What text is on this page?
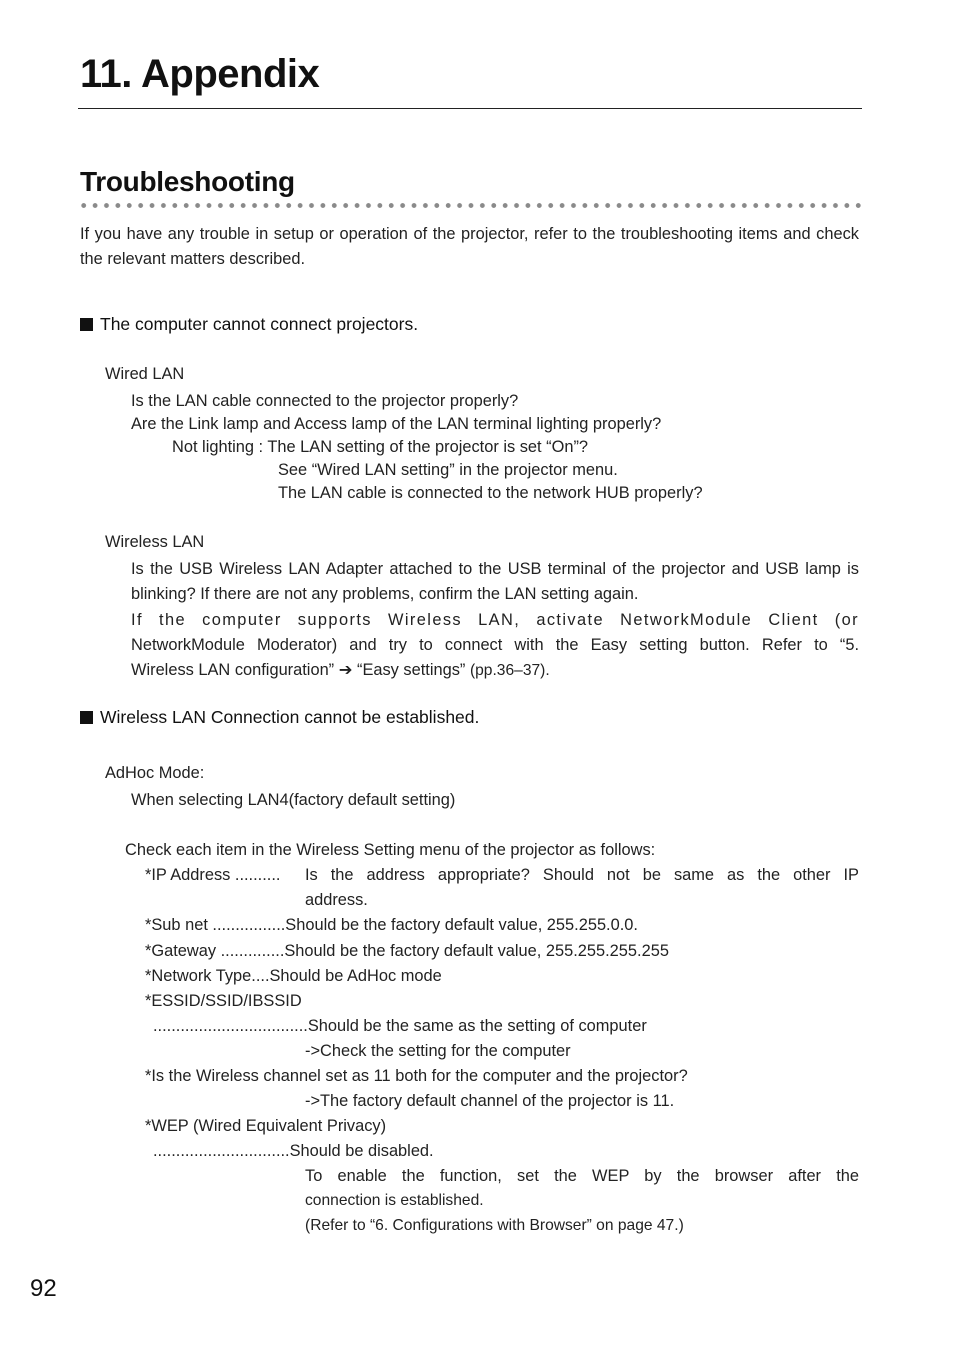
11. Appendix
Troubleshooting
If you have any trouble in setup or operation of the projector, refer to the troubleshooting items and check the relevant matters described.
The computer cannot connect projectors.
Wired LAN
Is the LAN cable connected to the projector properly?
Are the Link lamp and Access lamp of the LAN terminal lighting properly?
Not lighting : The LAN setting of the projector is set “On”?
See “Wired LAN setting” in the projector menu.
The LAN cable is connected to the network HUB properly?
Wireless LAN
Is the USB Wireless LAN Adapter attached to the USB terminal of the projector and USB lamp is blinking? If there are not any problems, confirm the LAN setting again.
If the computer supports Wireless LAN, activate NetworkModule Client (or
NetworkModule Moderator) and try to connect with the Easy setting button. Refer to “5.
Wireless LAN configuration” ➔ “Easy settings” (pp.36–37).
Wireless LAN Connection cannot be established.
AdHoc Mode:
When selecting LAN4(factory default setting)
Check each item in the Wireless Setting menu of the projector as follows:
*IP Address .......... Is the address appropriate? Should not be same as the other IP
address.
*Sub net ................Should be the factory default value, 255.255.0.0.
*Gateway ..............Should be the factory default value, 255.255.255.255
*Network Type....Should be AdHoc mode
*ESSID/SSID/IBSSID
..................................Should be the same as the setting of computer
->Check the setting for the computer
*Is the Wireless channel set as 11 both for the computer and the projector?
->The factory default channel of the projector is 11.
*WEP (Wired Equivalent Privacy)
..............................Should be disabled.
To enable the function, set the WEP by the browser after the
connection is established.
(Refer to “6. Configurations with Browser” on page 47.)
92
